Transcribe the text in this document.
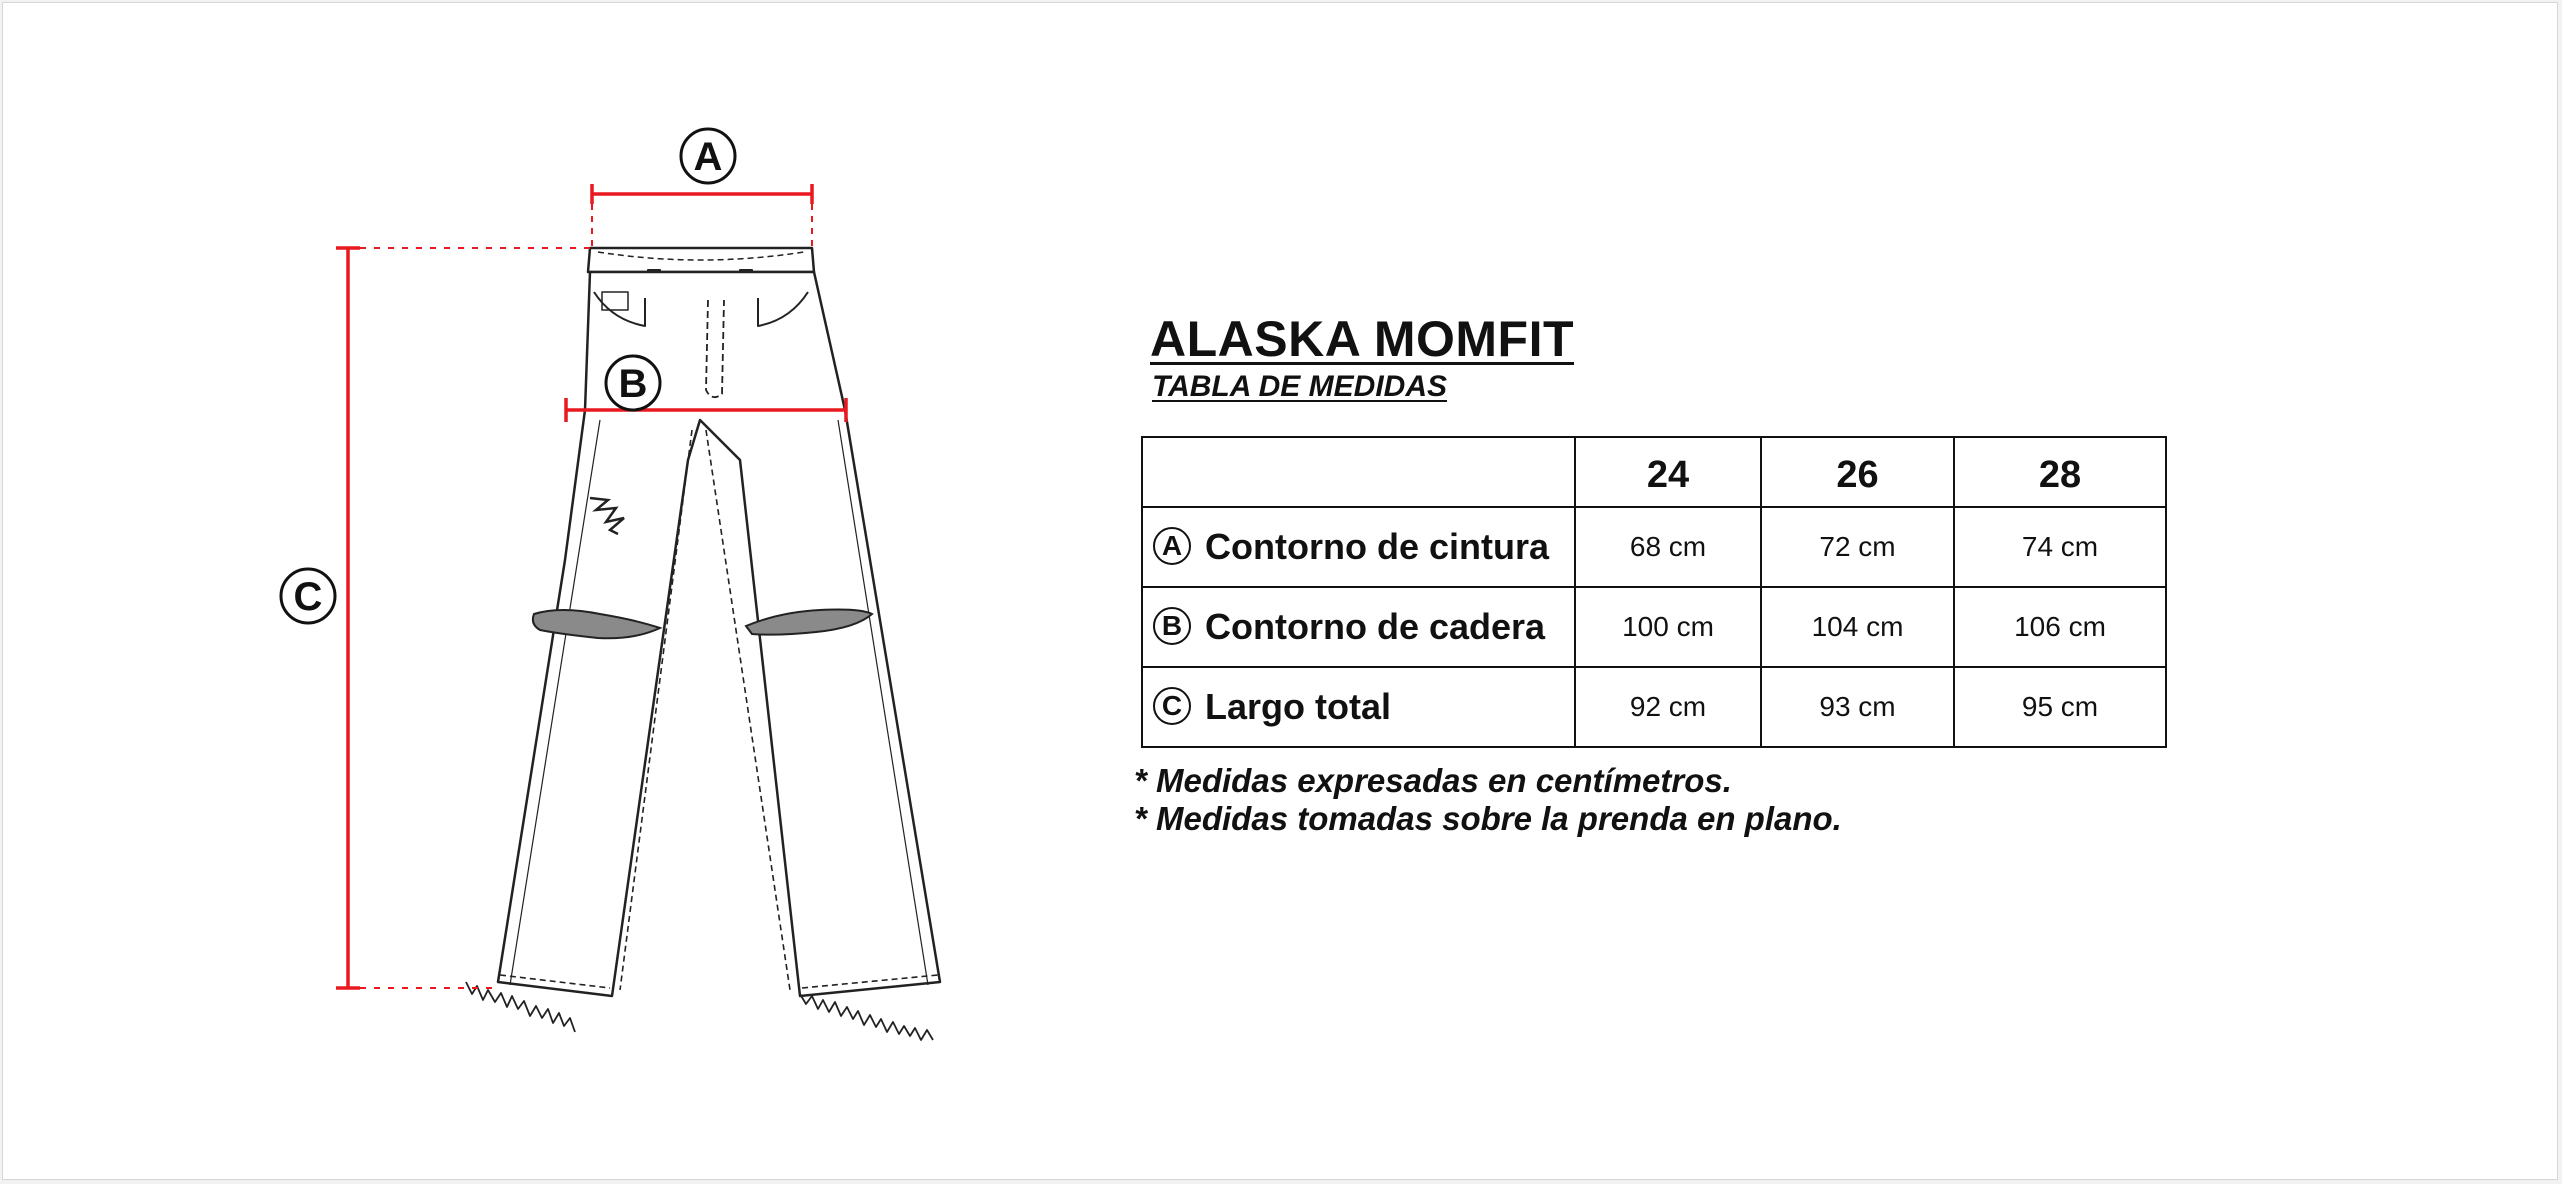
A
B
C
ALASKA MOMFIT
TABLA DE MEDIDAS
	24	26	28
A Contorno de cintura	68 cm	72 cm	74 cm
B Contorno de cadera	100 cm	104 cm	106 cm
C Largo total	92 cm	93 cm	95 cm
* Medidas expresadas en centímetros.
* Medidas tomadas sobre la prenda en plano.
